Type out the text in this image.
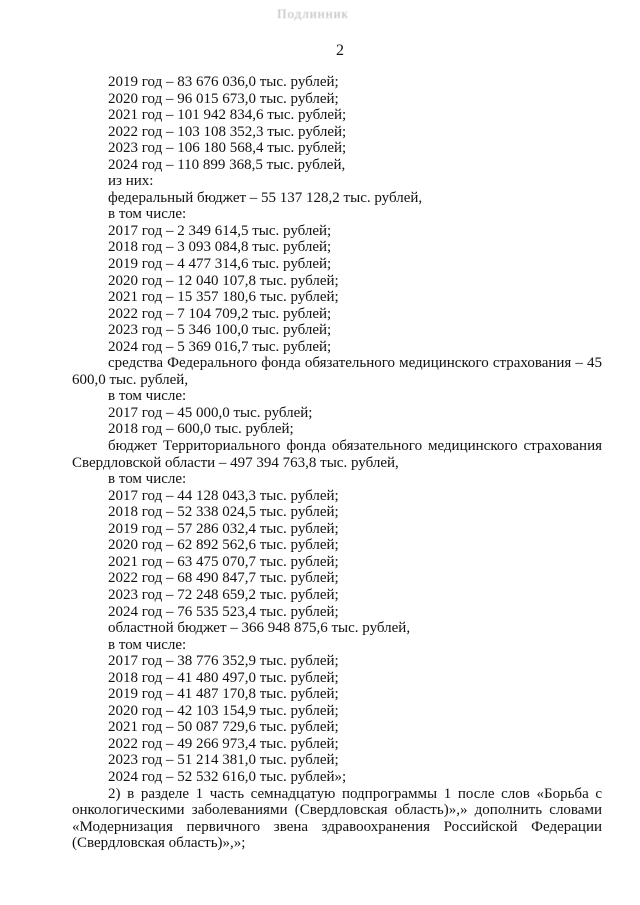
Подлинник
2
2019 год – 83 676 036,0 тыс. рублей;
2020 год – 96 015 673,0 тыс. рублей;
2021 год – 101 942 834,6 тыс. рублей;
2022 год – 103 108 352,3 тыс. рублей;
2023 год – 106 180 568,4 тыс. рублей;
2024 год – 110 899 368,5 тыс. рублей,
из них:
федеральный бюджет – 55 137 128,2 тыс. рублей,
в том числе:
2017 год – 2 349 614,5 тыс. рублей;
2018 год – 3 093 084,8 тыс. рублей;
2019 год – 4 477 314,6 тыс. рублей;
2020 год – 12 040 107,8 тыс. рублей;
2021 год – 15 357 180,6 тыс. рублей;
2022 год – 7 104 709,2 тыс. рублей;
2023 год – 5 346 100,0 тыс. рублей;
2024 год – 5 369 016,7 тыс. рублей;
средства Федерального фонда обязательного медицинского страхования – 45 600,0 тыс. рублей,
в том числе:
2017 год – 45 000,0 тыс. рублей;
2018 год – 600,0 тыс. рублей;
бюджет Территориального фонда обязательного медицинского страхования Свердловской области – 497 394 763,8 тыс. рублей,
в том числе:
2017 год – 44 128 043,3 тыс. рублей;
2018 год – 52 338 024,5 тыс. рублей;
2019 год – 57 286 032,4 тыс. рублей;
2020 год – 62 892 562,6 тыс. рублей;
2021 год – 63 475 070,7 тыс. рублей;
2022 год – 68 490 847,7 тыс. рублей;
2023 год – 72 248 659,2 тыс. рублей;
2024 год – 76 535 523,4 тыс. рублей;
областной бюджет – 366 948 875,6 тыс. рублей,
в том числе:
2017 год – 38 776 352,9 тыс. рублей;
2018 год – 41 480 497,0 тыс. рублей;
2019 год – 41 487 170,8 тыс. рублей;
2020 год – 42 103 154,9 тыс. рублей;
2021 год – 50 087 729,6 тыс. рублей;
2022 год – 49 266 973,4 тыс. рублей;
2023 год – 51 214 381,0 тыс. рублей;
2024 год – 52 532 616,0 тыс. рублей»;
2) в разделе 1 часть семнадцатую подпрограммы 1 после слов «Борьба с онкологическими заболеваниями (Свердловская область)»,» дополнить словами «Модернизация первичного звена здравоохранения Российской Федерации (Свердловская область)»,»;
